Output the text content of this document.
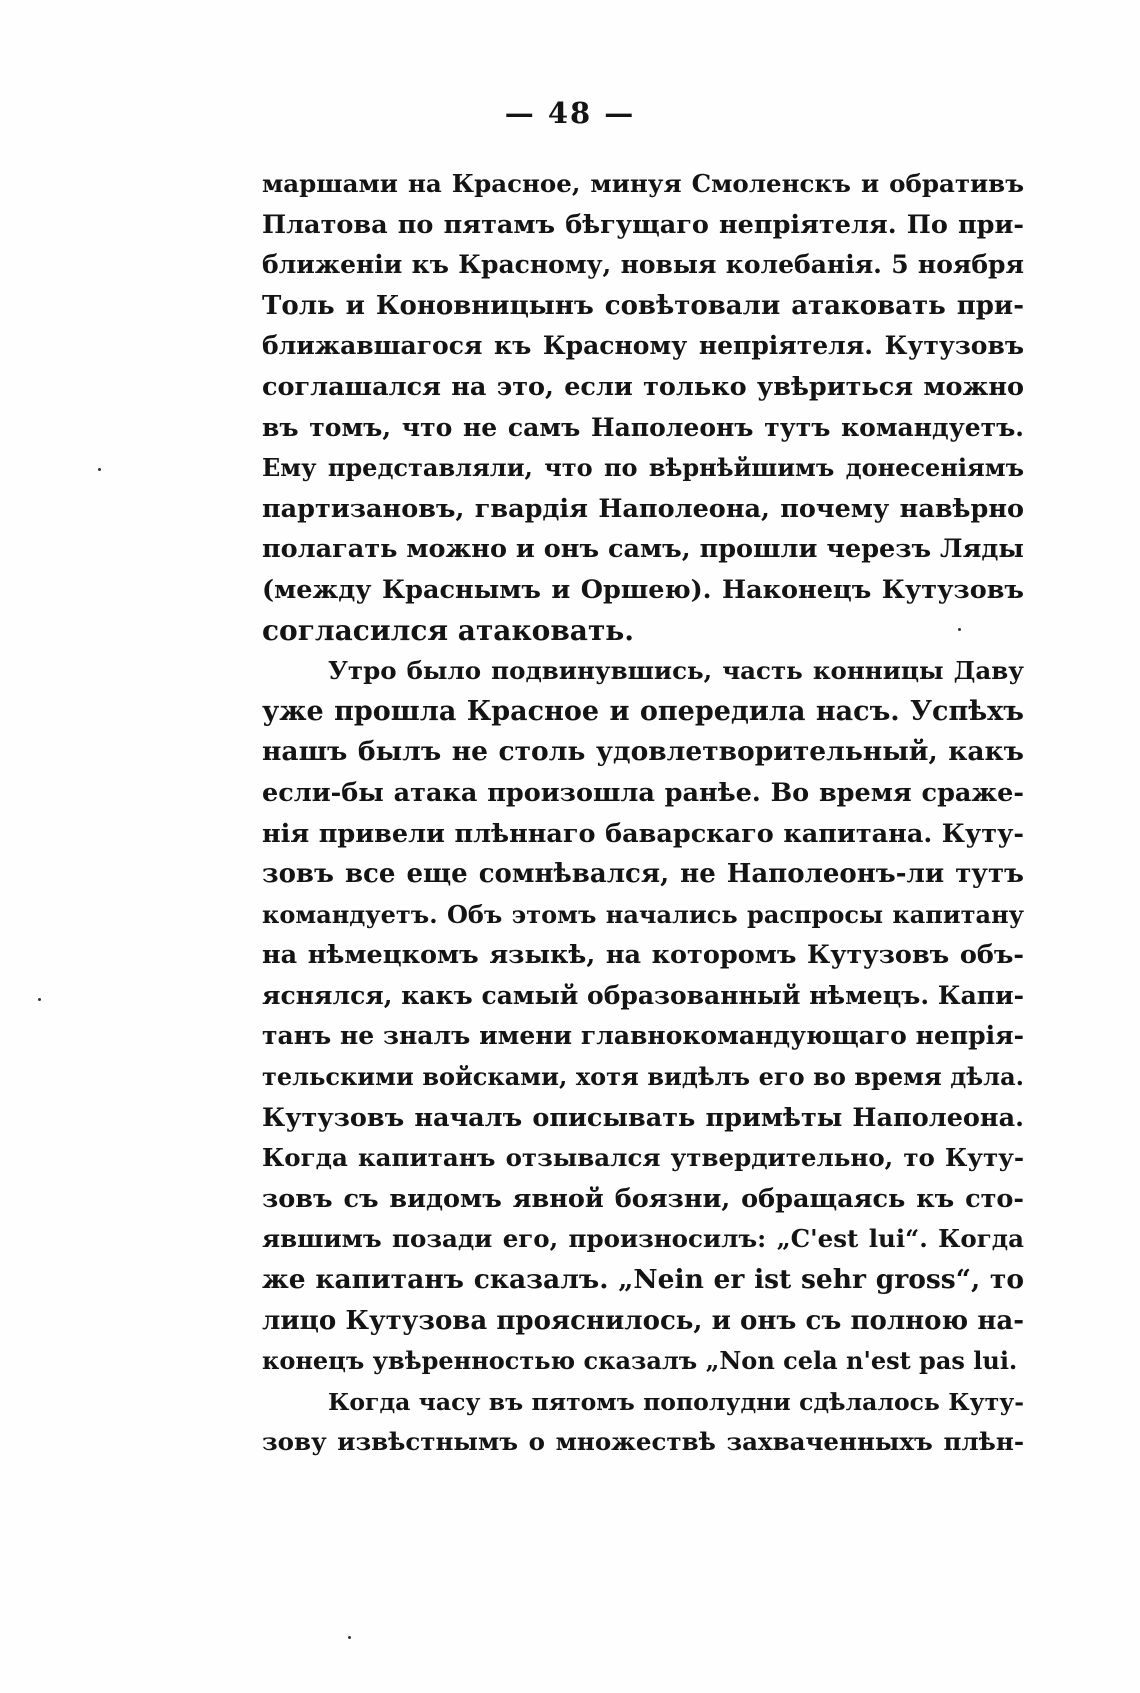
— 48 —
маршами на Красное, минуя Смоленскъ и обративъ
Платова по пятамъ бѣгущаго непріятеля. По при-
ближеніи къ Красному, новыя колебанія. 5 ноября
Толь и Коновницынъ совѣтовали атаковать при-
ближавшагося къ Красному непріятеля. Кутузовъ
соглашался на это, если только увѣриться можно
въ томъ, что не самъ Наполеонъ тутъ командуетъ.
Ему представляли, что по вѣрнѣйшимъ донесеніямъ
партизановъ, гвардія Наполеона, почему навѣрно
полагать можно и онъ самъ, прошли черезъ Ляды
(между Краснымъ и Оршею). Наконецъ Кутузовъ
согласился атаковать.
Утро было подвинувшись, часть конницы Даву
уже прошла Красное и опередила насъ. Успѣхъ
нашъ былъ не столь удовлетворительный, какъ
если-бы атака произошла ранѣе. Во время сраже-
нія привели плѣннаго баварскаго капитана. Куту-
зовъ все еще сомнѣвался, не Наполеонъ-ли тутъ
командуетъ. Объ этомъ начались распросы капитану
на нѣмецкомъ языкѣ, на которомъ Кутузовъ объ-
яснялся, какъ самый образованный нѣмецъ. Капи-
танъ не зналъ имени главнокомандующаго непрія-
тельскими войсками, хотя видѣлъ его во время дѣла.
Кутузовъ началъ описывать примѣты Наполеона.
Когда капитанъ отзывался утвердительно, то Куту-
зовъ съ видомъ явной боязни, обращаясь къ сто-
явшимъ позади его, произносилъ: „C'est lui“. Когда
же капитанъ сказалъ. „Nein er ist sehr gross“, то
лицо Кутузова прояснилось, и онъ съ полною на-
конецъ увѣренностью сказалъ „Non cela n'est pas lui.
Когда часу въ пятомъ пополудни сдѣлалось Куту-
зову извѣстнымъ о множествѣ захваченныхъ плѣн-
